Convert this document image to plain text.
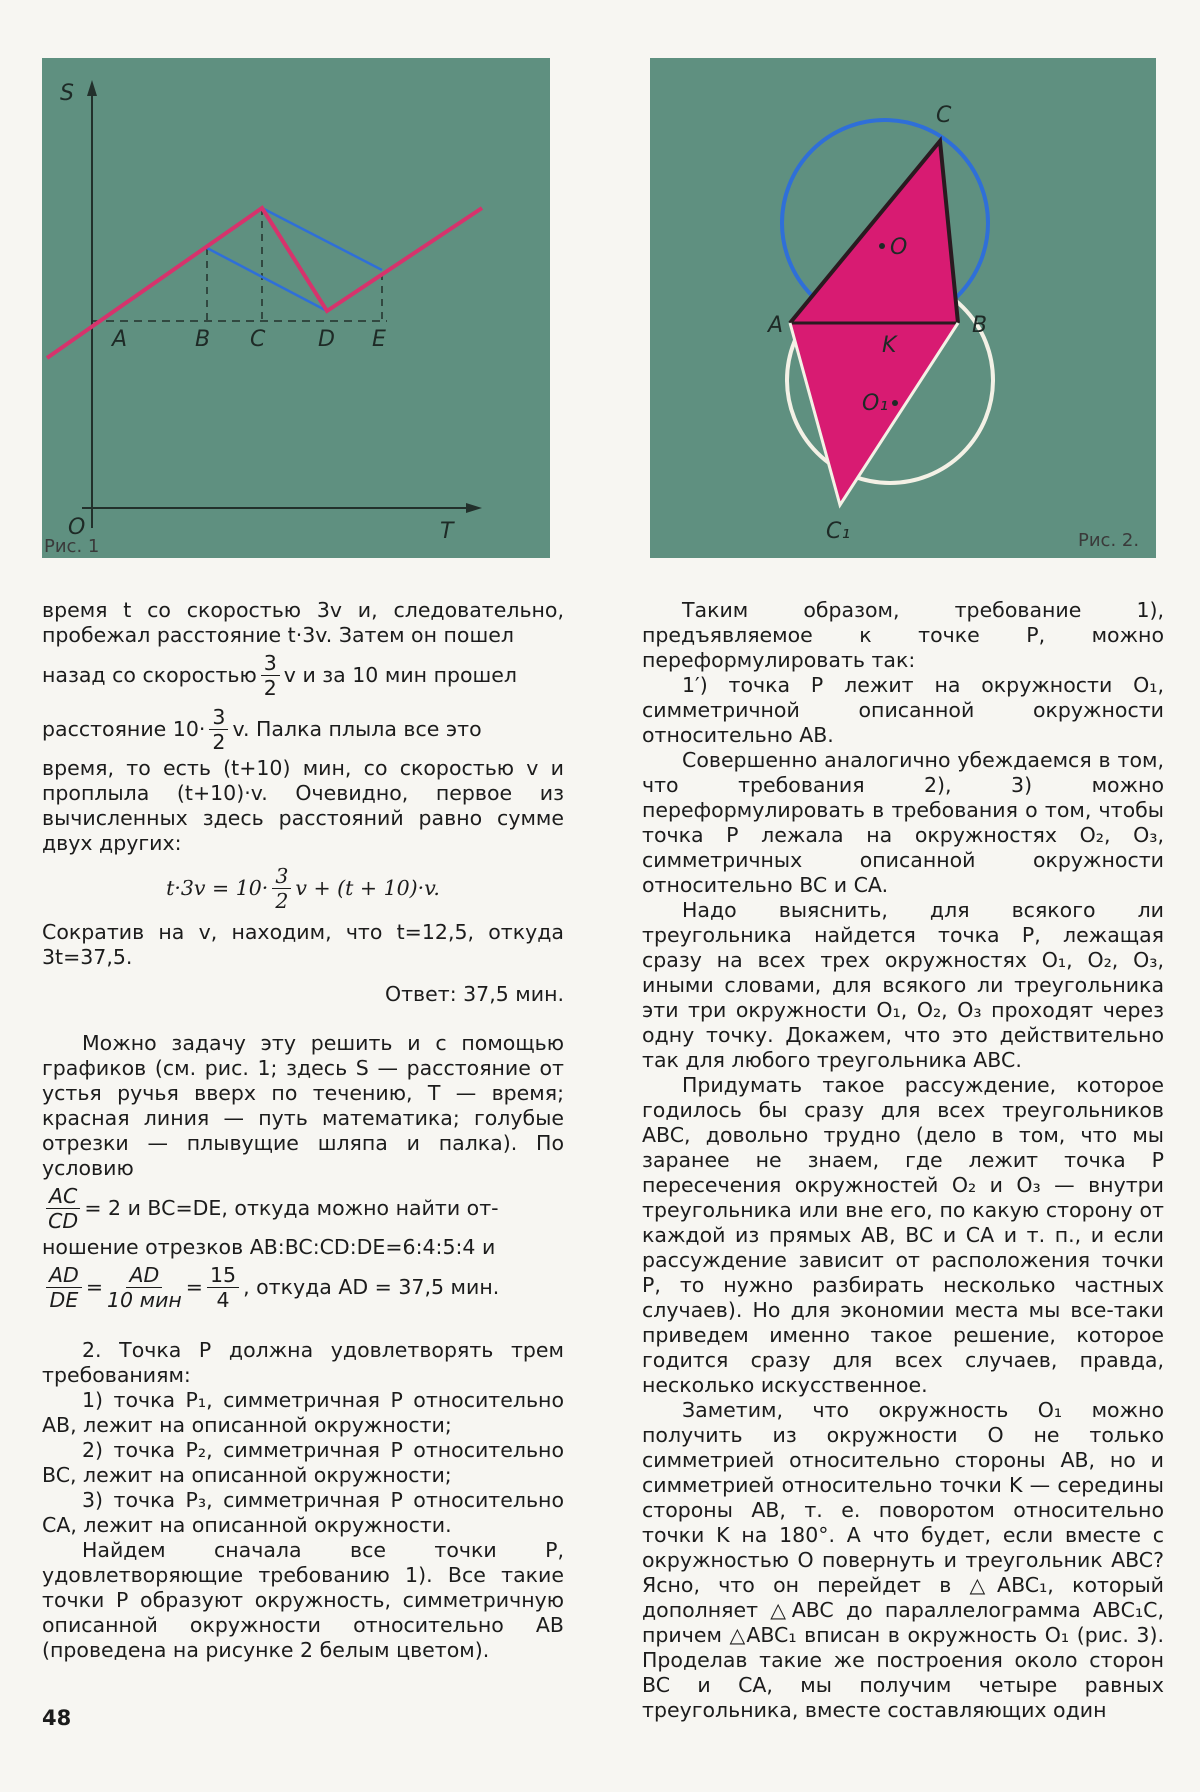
S
T
O
A	B C D E
Рис. 1
C
A	B
K
O
O₁
C₁	Рис. 2.

время t со скоростью 3v и, следовательно, пробежал расстояние t·3v. Затем он пошел

назад со скоростью $\frac{3}{2}$ v и за 10 мин прошел

расстояние $10\cdot \frac{3}{2} v$. Палка плыла все это

время, то есть (t+10) мин, со скоростью v и проплыла (t+10)·v. Очевидно, первое из вычисленных здесь расстояний равно сумме двух других:

$t\cdot 3v = 10\cdot \frac{3}{2}$ v + (t + 10)·v.

Сократив на v, находим, что t=12,5, откуда 3t=37,5.

Ответ: 37,5 мин.

Можно задачу эту решить и с помощью графиков (см. рис. 1; здесь S — расстояние от устья ручья вверх по течению, T — время; красная линия — путь математика; голубые отрезки — плывущие шляпа и палка). По условию

$\frac{AC}{CD} = 2$ и BC=DE, откуда можно найти от-

ношение отрезков AB:BC:CD:DE=6:4:5:4 и

$\frac{AD}{DE} = \frac{AD}{\text{10 мин}} = \frac{15}{4}$ , откуда AD = 37,5 мин.

2. Точка P должна удовлетворять трем требованиям:

1) точка P₁, симметричная P относительно AB, лежит на описанной окружности;

2) точка P₂, симметричная P относительно BC, лежит на описанной окружности;

3) точка P₃, симметричная P относительно CA, лежит на описанной окружности.

Найдем сначала все точки P, удовлетворяющие требованию 1). Все такие точки P образуют окружность, симметричную описанной окружности относительно AB (проведена на рисунке 2 белым цветом).

Таким образом, требование 1), предъявляемое к точке P, можно переформулировать так:

1′) точка P лежит на окружности O₁, симметричной описанной окружности относительно AB.

Совершенно аналогично убеждаемся в том, что требования 2), 3) можно переформулировать в требования о том, чтобы точка P лежала на окружностях O₂, O₃, симметричных описанной окружности относительно BC и CA.

Надо выяснить, для всякого ли треугольника найдется точка P, лежащая сразу на всех трех окружностях O₁, O₂, O₃, иными словами, для всякого ли треугольника эти три окружности O₁, O₂, O₃ проходят через одну точку. Докажем, что это действительно так для любого треугольника ABC.

Придумать такое рассуждение, которое годилось бы сразу для всех треугольников ABC, довольно трудно (дело в том, что мы заранее не знаем, где лежит точка P пересечения окружностей O₂ и O₃ — внутри треугольника или вне его, по какую сторону от каждой из прямых AB, BC и CA и т. п., и если рассуждение зависит от расположения точки P, то нужно разбирать несколько частных случаев). Но для экономии места мы все-таки приведем именно такое решение, которое годится сразу для всех случаев, правда, несколько искусственное.

Заметим, что окружность O₁ можно получить из окружности O не только симметрией относительно стороны AB, но и симметрией относительно точки K — середины стороны AB, т. е. поворотом относительно точки K на 180°. А что будет, если вместе с окружностью O повернуть и треугольник ABC? Ясно, что он перейдет в △ABC₁, который дополняет △ABC до параллелограмма ABC₁C, причем △ABC₁ вписан в окружность O₁ (рис. 3). Проделав такие же построения около сторон BC и CA, мы получим четыре равных треугольника, вместе составляющих один

48
